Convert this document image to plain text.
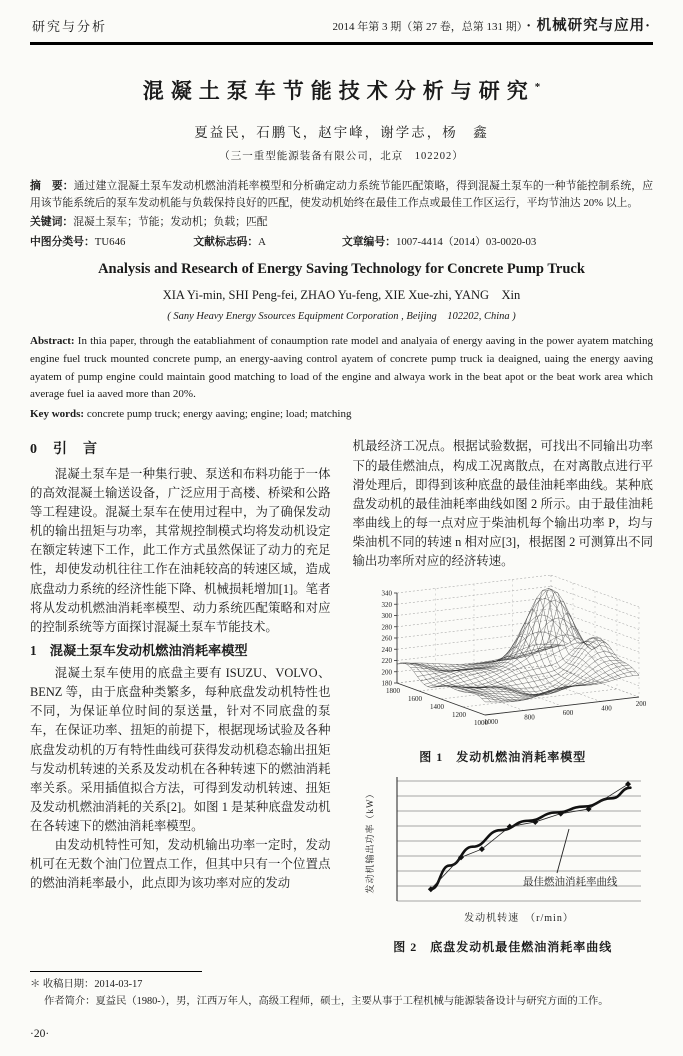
研究与分析	2014 年第 3 期（第 27 卷，总第 131 期） · 机械研究与应用·
混凝土泵车节能技术分析与研究*
夏益民，石鹏飞，赵宇峰，谢学志，杨　鑫
（三一重型能源装备有限公司，北京　102202）
摘　要：通过建立混凝土泵车发动机燃油消耗率模型和分析确定动力系统节能匹配策略，得到混凝土泵车的一种节能控制系统，应用该节能系统后的泵车发动机能与负载保持良好的匹配，使发动机始终在最佳工作点或最佳工作区运行，平均节油达 20% 以上。
关键词：混凝土泵车；节能；发动机；负载；匹配
中图分类号：TU646	文献标志码：A	文章编号：1007-4414（2014）03-0020-03
Analysis and Research of Energy Saving Technology for Concrete Pump Truck
XIA Yi-min, SHI Peng-fei, ZHAO Yu-feng, XIE Xue-zhi, YANG　Xin
( Sany Heavy Energy Ssources Equipment Corporation , Beijing　102202, China )
Abstract: In thia paper, through the eatabliahment of conaumption rate model and analyaia of energy aaving in the power ayatem matching engine fuel truck mounted concrete pump, an energy-aaving control ayatem of concrete pump truck ia deaigned, uaing the energy aaving ayatem of pump engine could maintain good matching to load of the engine and alwaya work in the beat apot or the beat work area which average fuel ia aaved more than 20%.
Key words: concrete pump truck; energy aaving; engine; load; matching
0　引　言

混凝土泵车是一种集行驶、泵送和布料功能于一体的高效混凝土输送设备，广泛应用于高楼、桥梁和公路等工程建设。混凝土泵车在使用过程中，为了确保发动机的输出扭矩与功率，其常规控制模式均将发动机设定在额定转速下工作，此工作方式虽然保证了动力的充足性，却使发动机往往工作在油耗较高的转速区域，造成底盘动力系统的经济性能下降、机械损耗增加[1]。笔者将从发动机燃油消耗率模型、动力系统匹配策略和对应的控制系统等方面探讨混凝土泵车节能技术。

1　混凝土泵车发动机燃油消耗率模型

混凝土泵车使用的底盘主要有 ISUZU、VOLVO、BENZ 等，由于底盘种类繁多，每种底盘发动机特性也不同，为保证单位时间的泵送量，针对不同底盘的泵车，在保证功率、扭矩的前提下，根据现场试验及各种底盘发动机的万有特性曲线可获得发动机稳态输出扭矩与发动机转速的关系及发动机在各种转速下的燃油消耗率关系。采用插值拟合方法，可得到发动机转速、扭矩及发动机燃油消耗的关系[2]。如图 1 是某种底盘发动机在各转速下的燃油消耗率模型。

由发动机特性可知，发动机输出功率一定时，发动机可在无数个油门位置点工作，但其中只有一个位置点的燃油消耗率最小，此点即为该功率对应的发动

机最经济工况点。根据试验数据，可找出不同输出功率下的最佳燃油点，构成工况离散点，在对离散点进行平滑处理后，即得到该种底盘的最佳油耗率曲线。某种底盘发动机的最佳油耗率曲线如图 2 所示。由于最佳油耗率曲线上的每一点对应于柴油机每个输出功率 P，均与柴油机不同的转速 n 相对应[3]，根据图 2 可测算出不同输出功率所对应的经济转速。

180
200
220
240
260
280
300
320
340
1800
1600
1400
1200
1000
1000
800
600
400
200
图 1　发动机燃油消耗率模型
发动机输出功率（kW）
发动机转速　（r/min）
最佳燃油消耗率曲线
图 2　底盘发动机最佳燃油消耗率曲线
＊ 收稿日期：2014-03-17
作者简介：夏益民（1980-），男，江西万年人，高级工程师，硕士，主要从事于工程机械与能源装备设计与研究方面的工作。
·20·
